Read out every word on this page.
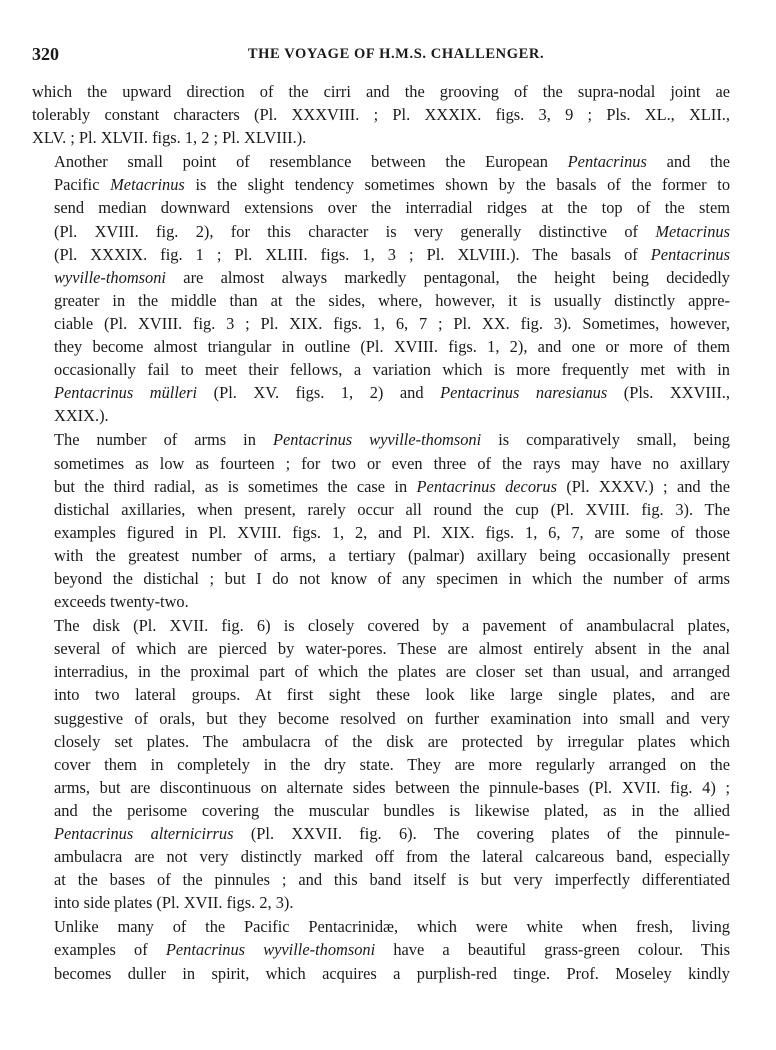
320	THE VOYAGE OF H.M.S. CHALLENGER.
which the upward direction of the cirri and the grooving of the supra-nodal joint ae
tolerably constant characters (Pl. XXXVIII. ; Pl. XXXIX. figs. 3, 9 ; Pls. XL., XLII.,
XLV. ; Pl. XLVII. figs. 1, 2 ; Pl. XLVIII.).
Another small point of resemblance between the European Pentacrinus and the
Pacific Metacrinus is the slight tendency sometimes shown by the basals of the former to
send median downward extensions over the interradial ridges at the top of the stem
(Pl. XVIII. fig. 2), for this character is very generally distinctive of Metacrinus
(Pl. XXXIX. fig. 1 ; Pl. XLIII. figs. 1, 3 ; Pl. XLVIII.). The basals of Pentacrinus
wyville-thomsoni are almost always markedly pentagonal, the height being decidedly
greater in the middle than at the sides, where, however, it is usually distinctly appre-
ciable (Pl. XVIII. fig. 3 ; Pl. XIX. figs. 1, 6, 7 ; Pl. XX. fig. 3). Sometimes, however,
they become almost triangular in outline (Pl. XVIII. figs. 1, 2), and one or more of them
occasionally fail to meet their fellows, a variation which is more frequently met with in
Pentacrinus mülleri (Pl. XV. figs. 1, 2) and Pentacrinus naresianus (Pls. XXVIII.,
XXIX.).
The number of arms in Pentacrinus wyville-thomsoni is comparatively small, being
sometimes as low as fourteen ; for two or even three of the rays may have no axillary
but the third radial, as is sometimes the case in Pentacrinus decorus (Pl. XXXV.) ; and the
distichal axillaries, when present, rarely occur all round the cup (Pl. XVIII. fig. 3). The
examples figured in Pl. XVIII. figs. 1, 2, and Pl. XIX. figs. 1, 6, 7, are some of those
with the greatest number of arms, a tertiary (palmar) axillary being occasionally present
beyond the distichal ; but I do not know of any specimen in which the number of arms
exceeds twenty-two.
The disk (Pl. XVII. fig. 6) is closely covered by a pavement of anambulacral plates,
several of which are pierced by water-pores. These are almost entirely absent in the anal
interradius, in the proximal part of which the plates are closer set than usual, and arranged
into two lateral groups. At first sight these look like large single plates, and are
suggestive of orals, but they become resolved on further examination into small and very
closely set plates. The ambulacra of the disk are protected by irregular plates which
cover them in completely in the dry state. They are more regularly arranged on the
arms, but are discontinuous on alternate sides between the pinnule-bases (Pl. XVII. fig. 4) ;
and the perisome covering the muscular bundles is likewise plated, as in the allied
Pentacrinus alternicirrus (Pl. XXVII. fig. 6). The covering plates of the pinnule-
ambulacra are not very distinctly marked off from the lateral calcareous band, especially
at the bases of the pinnules ; and this band itself is but very imperfectly differentiated
into side plates (Pl. XVII. figs. 2, 3).
Unlike many of the Pacific Pentacrinidæ, which were white when fresh, living
examples of Pentacrinus wyville-thomsoni have a beautiful grass-green colour. This
becomes duller in spirit, which acquires a purplish-red tinge. Prof. Moseley kindly
